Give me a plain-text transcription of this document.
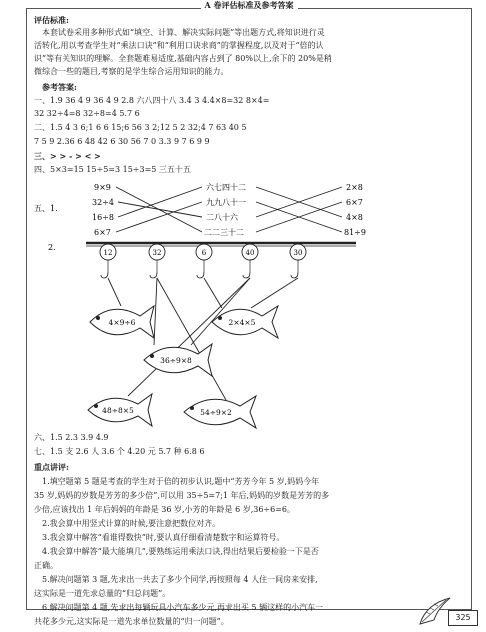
A 卷评估标准及参考答案
评估标准:
本套试卷采用多种形式如“填空、计算、解决实际问题”等出题方式,将知识进行灵
活转化,用以考查学生对“乘法口诀”和“利用口诀求商”的掌握程度,以及对于“倍的认
识”等有关知识的理解。全套题难易适度,基础内容占到了 80%以上,余下的 20%是稍
微综合一些的题目,考察的是学生综合运用知识的能力。
参考答案:
一、1.9 36 4 9 36 4 9 2.8 六八四十八 3.4 3 4.4×8=32 8×4=
32 32÷4=8 32÷8=4 5.7 6
二、1.5 4 3 6;1 6 6 15;6 56 3 2;12 5 2 32;4 7 63 40 5
7 5 9 2.36 6 48 42 6 30 56 7 0 3.3 9 7 6 9 9
三、> > - > < >
四、5×3=15 15÷5=3 15÷3=5 三五十五
五、1.
9×9
32÷4
16÷8
6×7
六七四十二
九九八十一
二八十六
二二三十二
2×8
6×7
4×8
81÷9
2.
12	32	6	40	30
4×9÷6	2×4×5
36÷9×8
48÷8×5	54÷9×2
六、1.5 2.3 3.9 4.9
七、1.5 支 2.6 人 3.6 个 4.20 元 5.7 种 6.8 6
重点讲评:
1.填空题第 5 题是考查的学生对于倍的初步认识,题中“芳芳今年 5 岁,妈妈今年
35 岁,妈妈的岁数是芳芳的多少倍”,可以用 35÷5=7;1 年后,妈妈的岁数是芳芳的多
少倍,应该找出 1 年后妈妈的年龄是 36 岁,小芳的年龄是 6 岁,36÷6=6。
2.我会算中用竖式计算的时候,要注意把数位对齐。
3.我会算中解答“看谁得数快”时,要认真仔细看清楚数字和运算符号。
4.我会算中解答“最大能填几”,要熟练运用乘法口诀,得出结果后要检验一下是否
正确。
5.解决问题第 3 题,先求出一共去了多少个同学,再按照每 4 人住一间房来安排,
这实际是一道先求总量的“归总问题”。
6.解决问题第 4 题,先求出每辆玩具小汽车多少元,再求出买 5 辆这样的小汽车一
共花多少元,这实际是一道先求单位数量的“归一问题”。	325
